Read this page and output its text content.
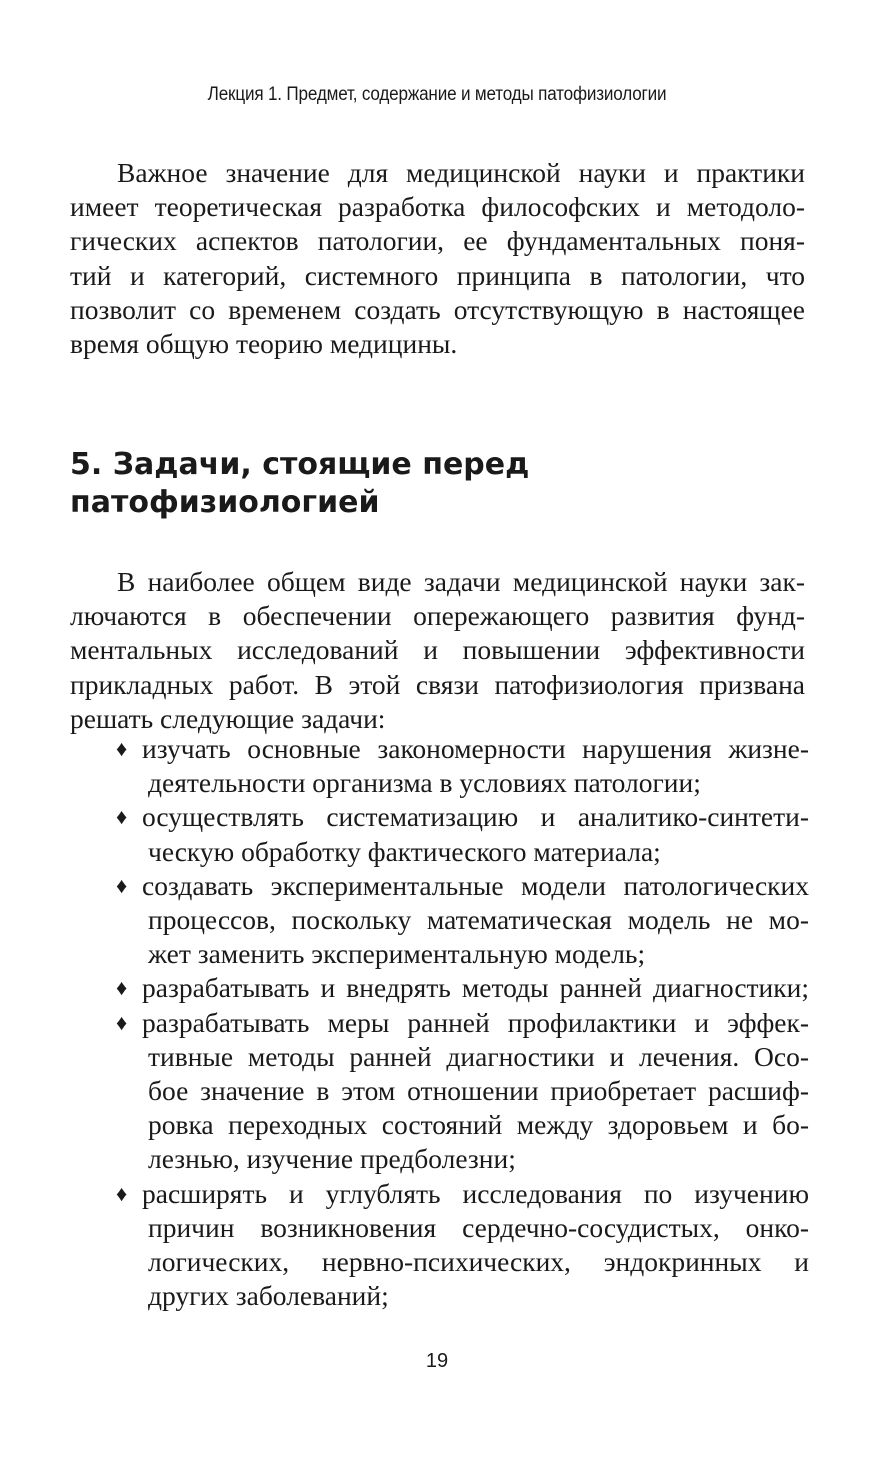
Лекция 1. Предмет, содержание и методы патофизиологии

Важное значение для медицинской науки и практики
имеет теоретическая разработка философских и методоло-
гических аспектов патологии, ее фундаментальных поня-
тий и категорий, системного принципа в патологии, что
позволит со временем создать отсутствующую в настоящее
время общую теорию медицины.

5. Задачи, стоящие перед
патофизиологией

В наиболее общем виде задачи медицинской науки зак-
лючаются в обеспечении опережающего развития фунд-
ментальных исследований и повышении эффективности
прикладных работ. В этой связи патофизиология призвана
решать следующие задачи:

♦ изучать основные закономерности нарушения жизне-
деятельности организма в условиях патологии;
♦ осуществлять систематизацию и аналитико-синтети-
ческую обработку фактического материала;
♦ создавать экспериментальные модели патологических
процессов, поскольку математическая модель не мо-
жет заменить экспериментальную модель;
♦ разрабатывать и внедрять методы ранней диагностики;
♦ разрабатывать меры ранней профилактики и эффек-
тивные методы ранней диагностики и лечения. Осо-
бое значение в этом отношении приобретает расшиф-
ровка переходных состояний между здоровьем и бо-
лезнью, изучение предболезни;
♦ расширять и углублять исследования по изучению
причин возникновения сердечно-сосудистых, онко-
логических, нервно-психических, эндокринных и
других заболеваний;
19
